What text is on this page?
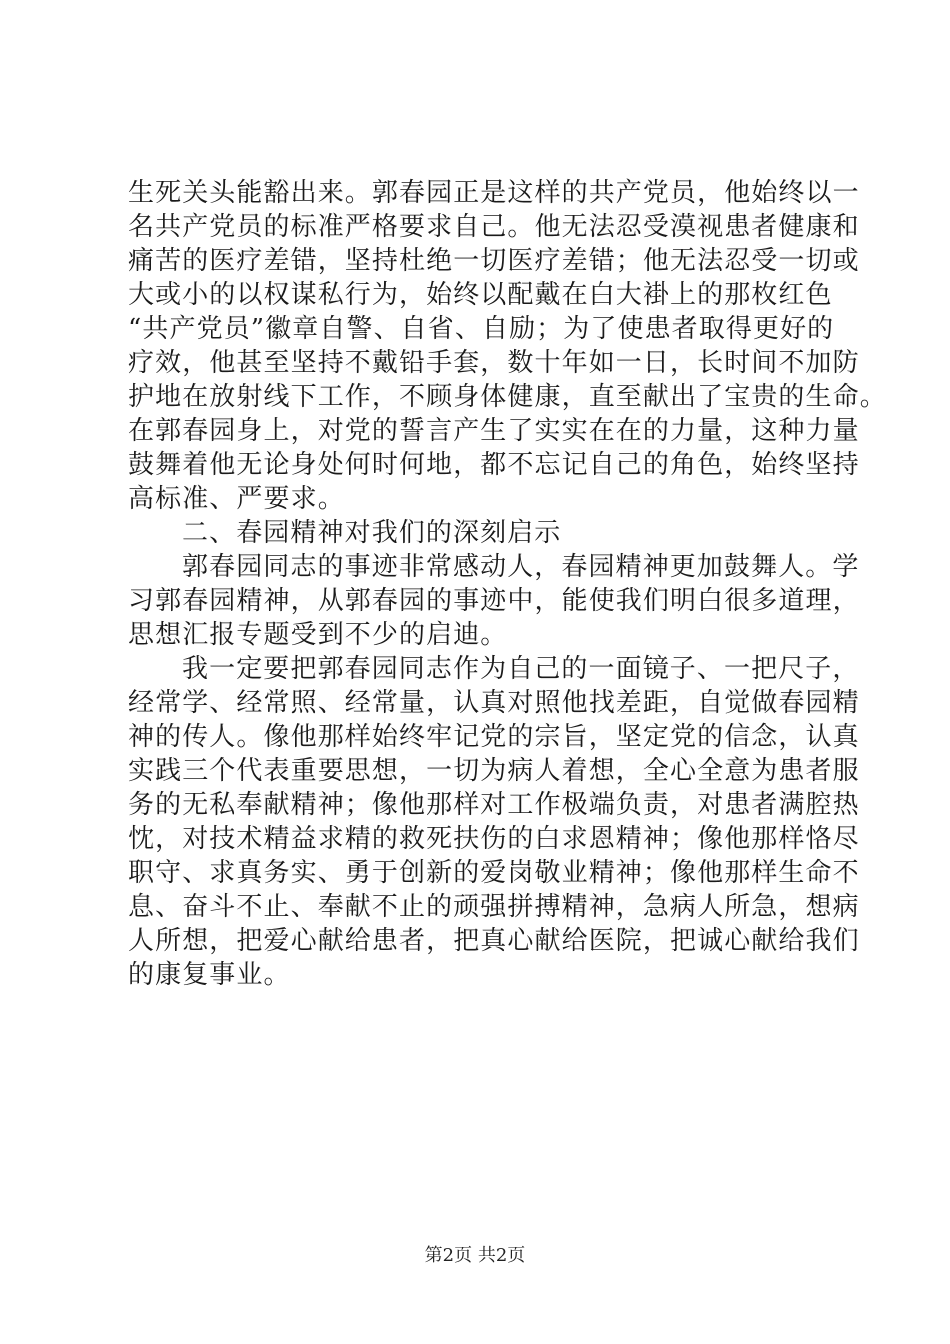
生死关头能豁出来。郭春园正是这样的共产党员，他始终以一
名共产党员的标准严格要求自己。他无法忍受漠视患者健康和
痛苦的医疗差错，坚持杜绝一切医疗差错；他无法忍受一切或
大或小的以权谋私行为，始终以配戴在白大褂上的那枚红色
“共产党员”徽章自警、自省、自励；为了使患者取得更好的
疗效，他甚至坚持不戴铅手套，数十年如一日，长时间不加防
护地在放射线下工作，不顾身体健康，直至献出了宝贵的生命。
在郭春园身上，对党的誓言产生了实实在在的力量，这种力量
鼓舞着他无论身处何时何地，都不忘记自己的角色，始终坚持
高标准、严要求。
二、春园精神对我们的深刻启示
郭春园同志的事迹非常感动人，春园精神更加鼓舞人。学
习郭春园精神，从郭春园的事迹中，能使我们明白很多道理，
思想汇报专题受到不少的启迪。
我一定要把郭春园同志作为自己的一面镜子、一把尺子，
经常学、经常照、经常量，认真对照他找差距，自觉做春园精
神的传人。像他那样始终牢记党的宗旨，坚定党的信念，认真
实践三个代表重要思想，一切为病人着想，全心全意为患者服
务的无私奉献精神；像他那样对工作极端负责，对患者满腔热
忱，对技术精益求精的救死扶伤的白求恩精神；像他那样恪尽
职守、求真务实、勇于创新的爱岗敬业精神；像他那样生命不
息、奋斗不止、奉献不止的顽强拼搏精神，急病人所急，想病
人所想，把爱心献给患者，把真心献给医院，把诚心献给我们
的康复事业。
第2页 共2页
